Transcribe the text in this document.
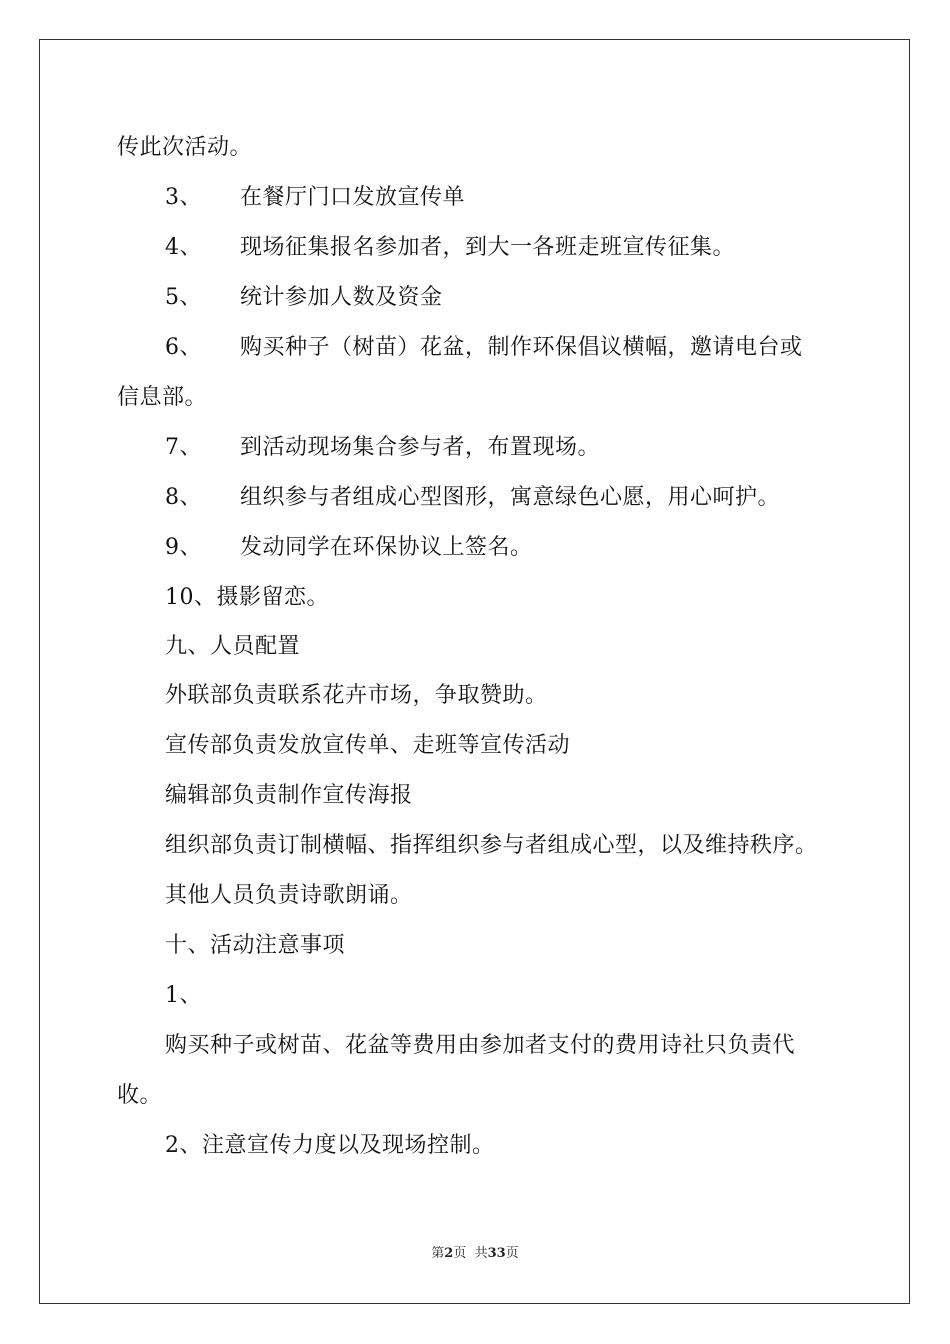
传此次活动。

3、 在餐厅门口发放宣传单

4、 现场征集报名参加者，到大一各班走班宣传征集。

5、 统计参加人数及资金

6、 购买种子（树苗）花盆，制作环保倡议横幅，邀请电台或

信息部。

7、 到活动现场集合参与者，布置现场。

8、 组织参与者组成心型图形，寓意绿色心愿，用心呵护。

9、 发动同学在环保协议上签名。

10、摄影留恋。

九、人员配置

外联部负责联系花卉市场，争取赞助。

宣传部负责发放宣传单、走班等宣传活动

编辑部负责制作宣传海报

组织部负责订制横幅、指挥组织参与者组成心型，以及维持秩序。

其他人员负责诗歌朗诵。

十、活动注意事项

1、

购买种子或树苗、花盆等费用由参加者支付的费用诗社只负责代

收。

2、注意宣传力度以及现场控制。

第2页  共33页
